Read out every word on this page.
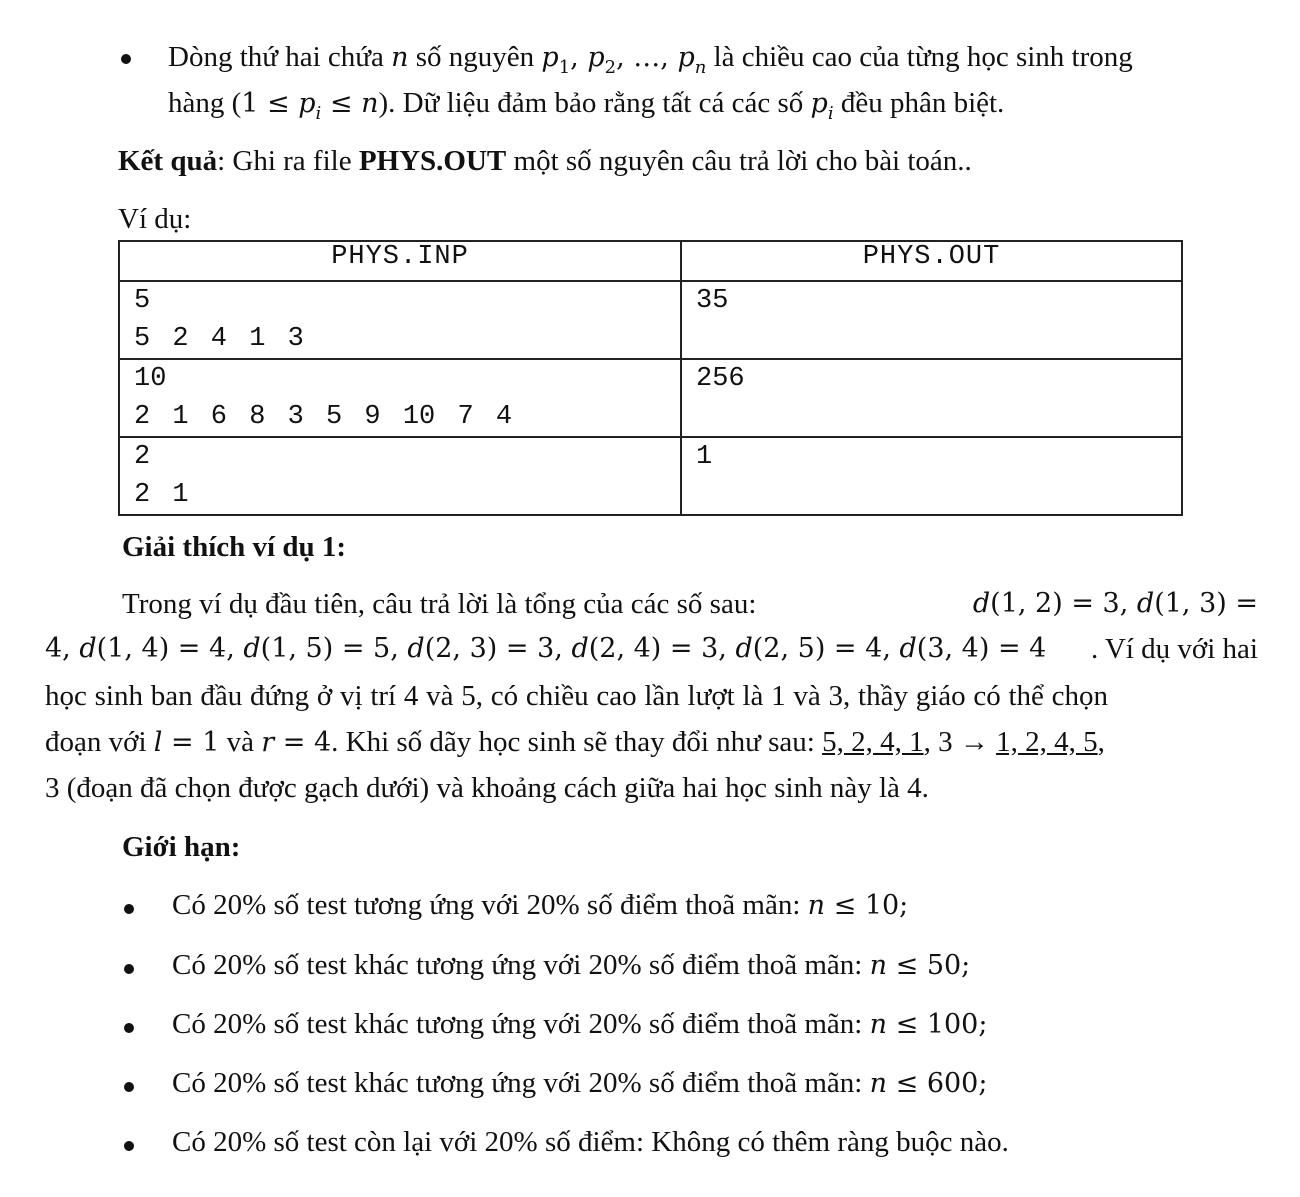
Dòng thứ hai chứa n số nguyên $p_1$, $p_2$, …, $p_n$ là chiều cao của từng học sinh trong
hàng $(1 \le p_i \le n)$. Dữ liệu đảm bảo rằng tất cá các số $p_i$ đều phân biệt.
Kết quả: Ghi ra file PHYS.OUT một số nguyên câu trả lời cho bài toán..
Ví dụ:
PHYS.INP	PHYS.OUT

5
5 2 4 1 3	35

10
2 1 6 8 3 5 9 10 7 4	256

2
2 1	1
Giải thích ví dụ 1:
Trong ví dụ đầu tiên, câu trả lời là tổng của các số sau:	d(1, 2) = 3, d(1, 3) =
4, d(1, 4) = 4, d(1, 5) = 5, d(2, 3) = 3, d(2, 4) = 3, d(2, 5) = 4, d(3, 4) = 4 . Ví dụ với hai
học sinh ban đầu đứng ở vị trí 4 và 5, có chiều cao lần lượt là 1 và 3, thầy giáo có thể chọn
đoạn với l = 1 và r = 4. Khi số dãy học sinh sẽ thay đổi như sau: 5, 2, 4, 1, 3 → 1, 2, 4, 5,
3 (đoạn đã chọn được gạch dưới) và khoảng cách giữa hai học sinh này là 4.
Giới hạn:
Có 20% số test tương ứng với 20% số điểm thoã mãn: n ≤ 10;
Có 20% số test khác tương ứng với 20% số điểm thoã mãn: n ≤ 50;
Có 20% số test khác tương ứng với 20% số điểm thoã mãn: n ≤ 100;
Có 20% số test khác tương ứng với 20% số điểm thoã mãn: n ≤ 600;
Có 20% số test còn lại với 20% số điểm: Không có thêm ràng buộc nào.
